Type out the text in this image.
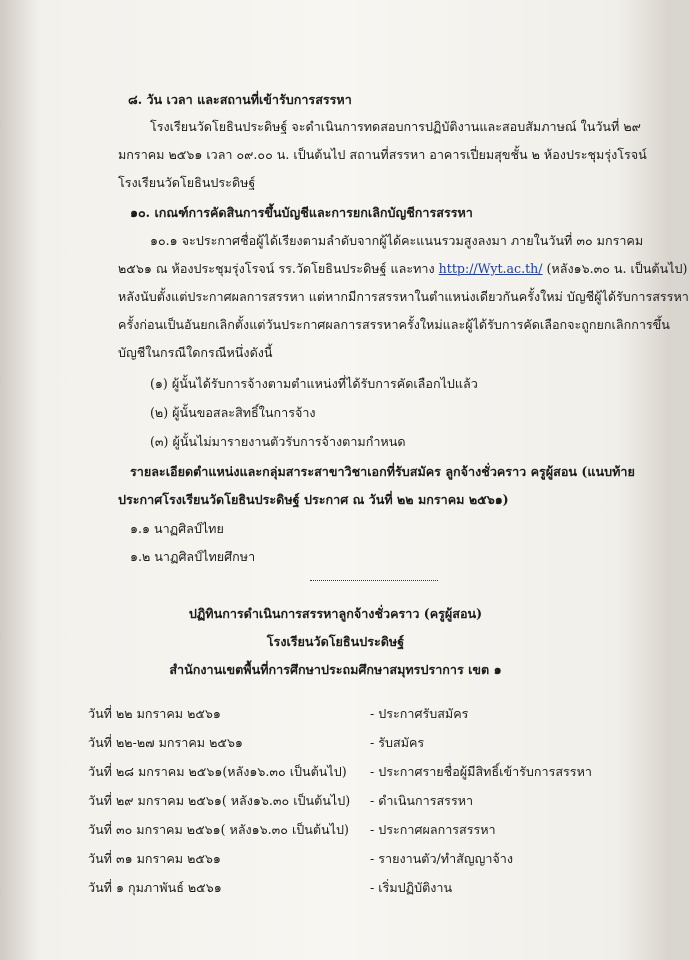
๘. วัน เวลา และสถานที่เข้ารับการสรรหา
โรงเรียนวัดโยธินประดิษฐ์ จะดำเนินการทดสอบการปฏิบัติงานและสอบสัมภาษณ์ ในวันที่ ๒๙
มกราคม ๒๕๖๑ เวลา ๐๙.๐๐ น. เป็นต้นไป สถานที่สรรหา อาคารเปี่ยมสุขชั้น ๒ ห้องประชุมรุ่งโรจน์
โรงเรียนวัดโยธินประดิษฐ์
๑๐. เกณฑ์การคัดสินการขึ้นบัญชีและการยกเลิกบัญชีการสรรหา
๑๐.๑ จะประกาศชื่อผู้ได้เรียงตามลำดับจากผู้ได้คะแนนรวมสูงลงมา ภายในวันที่ ๓๐ มกราคม
๒๕๖๑ ณ ห้องประชุมรุ่งโรจน์ รร.วัดโยธินประดิษฐ์ และทาง http://Wyt.ac.th/ (หลัง๑๖.๓๐ น. เป็นต้นไป)
หลังนับตั้งแต่ประกาศผลการสรรหา แต่หากมีการสรรหาในตำแหน่งเดียวกันครั้งใหม่ บัญชีผู้ได้รับการสรรหา
ครั้งก่อนเป็นอันยกเลิกตั้งแต่วันประกาศผลการสรรหาครั้งใหม่และผู้ได้รับการคัดเลือกจะถูกยกเลิกการขึ้น
บัญชีในกรณีใดกรณีหนึ่งดังนี้
(๑) ผู้นั้นได้รับการจ้างตามตำแหน่งที่ได้รับการคัดเลือกไปแล้ว
(๒) ผู้นั้นขอสละสิทธิ์ในการจ้าง
(๓) ผู้นั้นไม่มารายงานตัวรับการจ้างตามกำหนด
รายละเอียดตำแหน่งและกลุ่มสาระสาขาวิชาเอกที่รับสมัคร ลูกจ้างชั่วคราว ครูผู้สอน (แนบท้าย
ประกาศโรงเรียนวัดโยธินประดิษฐ์ ประกาศ ณ วันที่ ๒๒ มกราคม ๒๕๖๑)
๑.๑ นาฏศิลป์ไทย
๑.๒ นาฏศิลป์ไทยศึกษา
ปฏิทินการดำเนินการสรรหาลูกจ้างชั่วคราว (ครูผู้สอน)
โรงเรียนวัดโยธินประดิษฐ์
สำนักงานเขตพื้นที่การศึกษาประถมศึกษาสมุทรปราการ เขต ๑
วันที่ ๒๒ มกราคม ๒๕๖๑	- ประกาศรับสมัคร
วันที่ ๒๒-๒๗ มกราคม ๒๕๖๑	- รับสมัคร
วันที่ ๒๘ มกราคม ๒๕๖๑(หลัง๑๖.๓๐ เป็นต้นไป) - ประกาศรายชื่อผู้มีสิทธิ์เข้ารับการสรรหา
วันที่ ๒๙ มกราคม ๒๕๖๑( หลัง๑๖.๓๐ เป็นต้นไป) - ดำเนินการสรรหา
วันที่ ๓๐ มกราคม ๒๕๖๑( หลัง๑๖.๓๐ เป็นต้นไป) - ประกาศผลการสรรหา
วันที่ ๓๑ มกราคม ๒๕๖๑	- รายงานตัว/ทำสัญญาจ้าง
วันที่ ๑ กุมภาพันธ์ ๒๕๖๑	- เริ่มปฏิบัติงาน
